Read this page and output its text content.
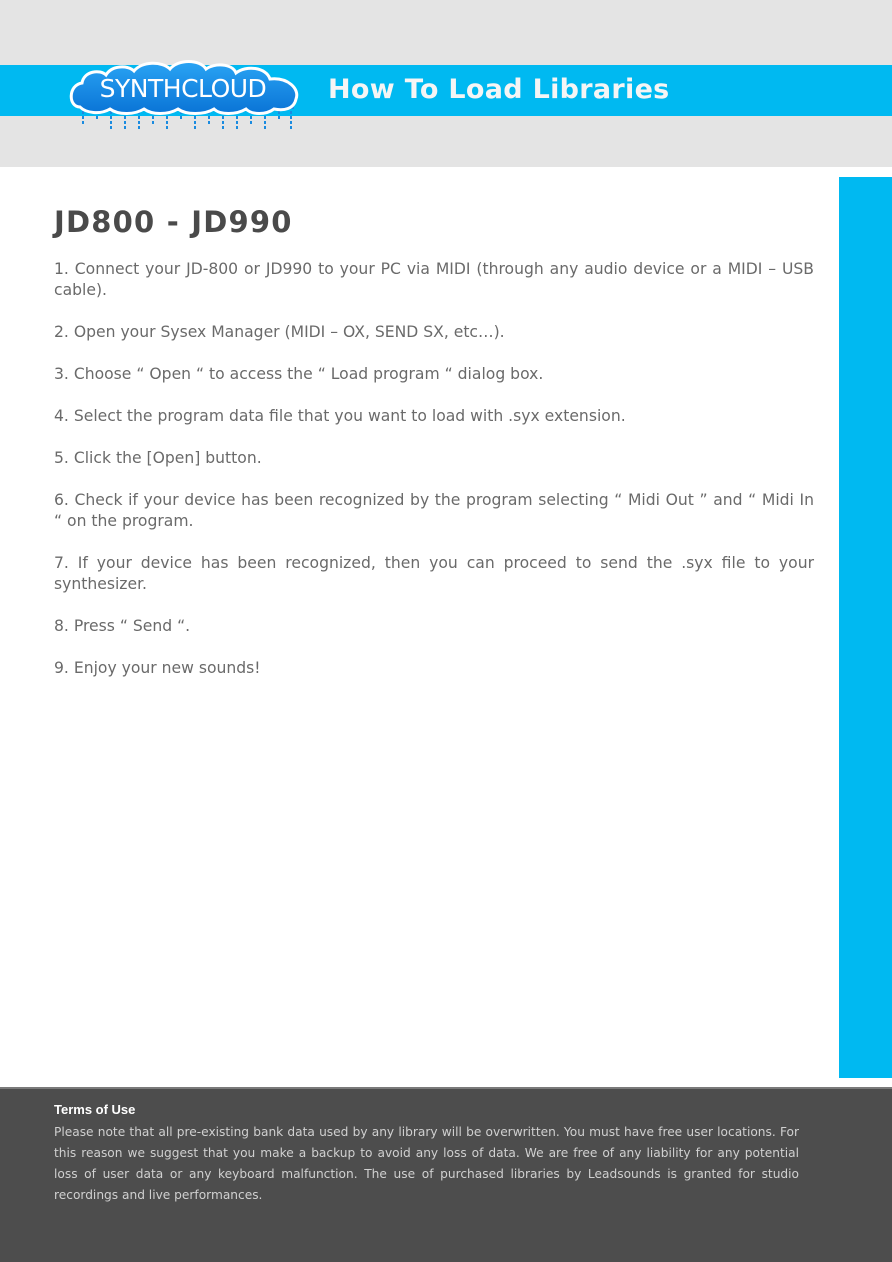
SYNTHCLOUD How To Load Libraries
JD800 - JD990
1. Connect your JD-800 or JD990 to your PC via MIDI (through any audio device or a MIDI – USB cable).
2. Open your Sysex Manager (MIDI – OX, SEND SX, etc…).
3. Choose “ Open “ to access the “ Load program “ dialog box.
4. Select the program data file that you want to load with .syx extension.
5. Click the [Open] button.
6. Check if your device has been recognized by the program selecting “ Midi Out ” and “ Midi In “ on the program.
7. If your device has been recognized, then you can proceed to send the .syx file to your synthesizer.
8. Press “ Send “.
9. Enjoy your new sounds!
Terms of Use

Please note that all pre-existing bank data used by any library will be overwritten. You must have free user locations. For this reason we suggest that you make a backup to avoid any loss of data. We are free of any liability for any potential loss of user data or any keyboard malfunction. The use of purchased libraries by Leadsounds is granted for studio recordings and live performances.
